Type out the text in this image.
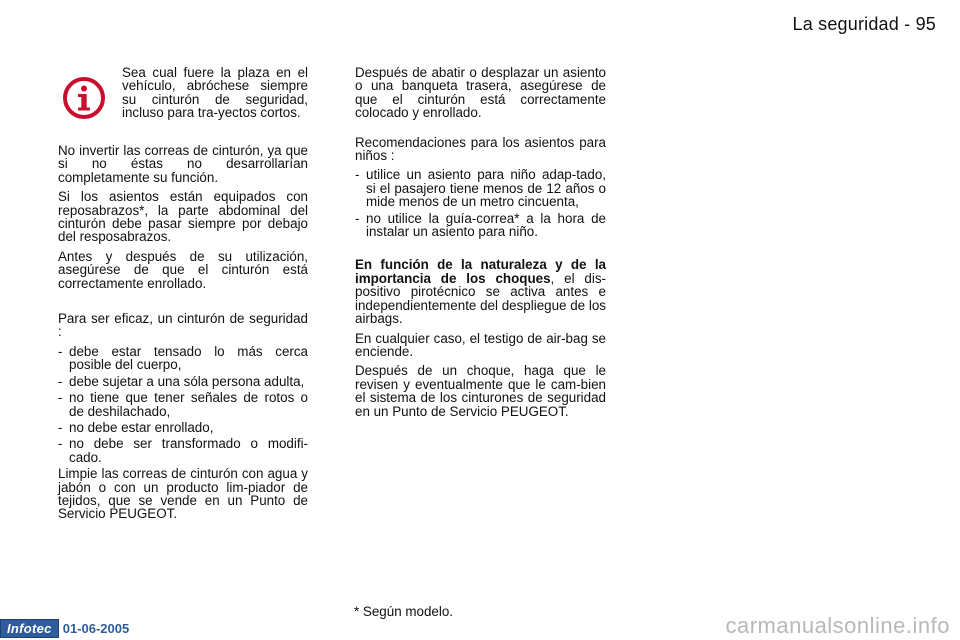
La seguridad - 95

Sea cual fuere la plaza en el vehículo, abróchese siempre su cinturón de seguridad, incluso para tra-yectos cortos.

No invertir las correas de cinturón, ya que si no éstas no desarrollarían completamente su función.

Si los asientos están equipados con reposabrazos*, la parte abdominal del cinturón debe pasar siempre por debajo del resposabrazos.

Antes y después de su utilización, asegúrese de que el cinturón está correctamente enrollado.

Para ser eficaz, un cinturón de seguridad :

- debe estar tensado lo más cerca posible del cuerpo,
- debe sujetar a una sóla persona adulta,
- no tiene que tener señales de rotos o de deshilachado,
- no debe estar enrollado,
- no debe ser transformado o modifi-cado.

Limpie las correas de cinturón con agua y jabón o con un producto lim-piador de tejidos, que se vende en un Punto de Servicio PEUGEOT.

Después de abatir o desplazar un asiento o una banqueta trasera, asegúrese de que el cinturón está correctamente colocado y enrollado.

Recomendaciones para los asientos para niños :

- utilice un asiento para niño adap-tado, si el pasajero tiene menos de 12 años o mide menos de un metro cincuenta,
- no utilice la guía-correa* a la hora de instalar un asiento para niño.

En función de la naturaleza y de la importancia de los choques, el dis-positivo pirotécnico se activa antes e independientemente del despliegue de los airbags.

En cualquier caso, el testigo de air-bag se enciende.

Después de un choque, haga que le revisen y eventualmente que le cam-bien el sistema de los cinturones de seguridad en un Punto de Servicio PEUGEOT.

* Según modelo.
Infotec 01-06-2005	carmanualsonline.info
